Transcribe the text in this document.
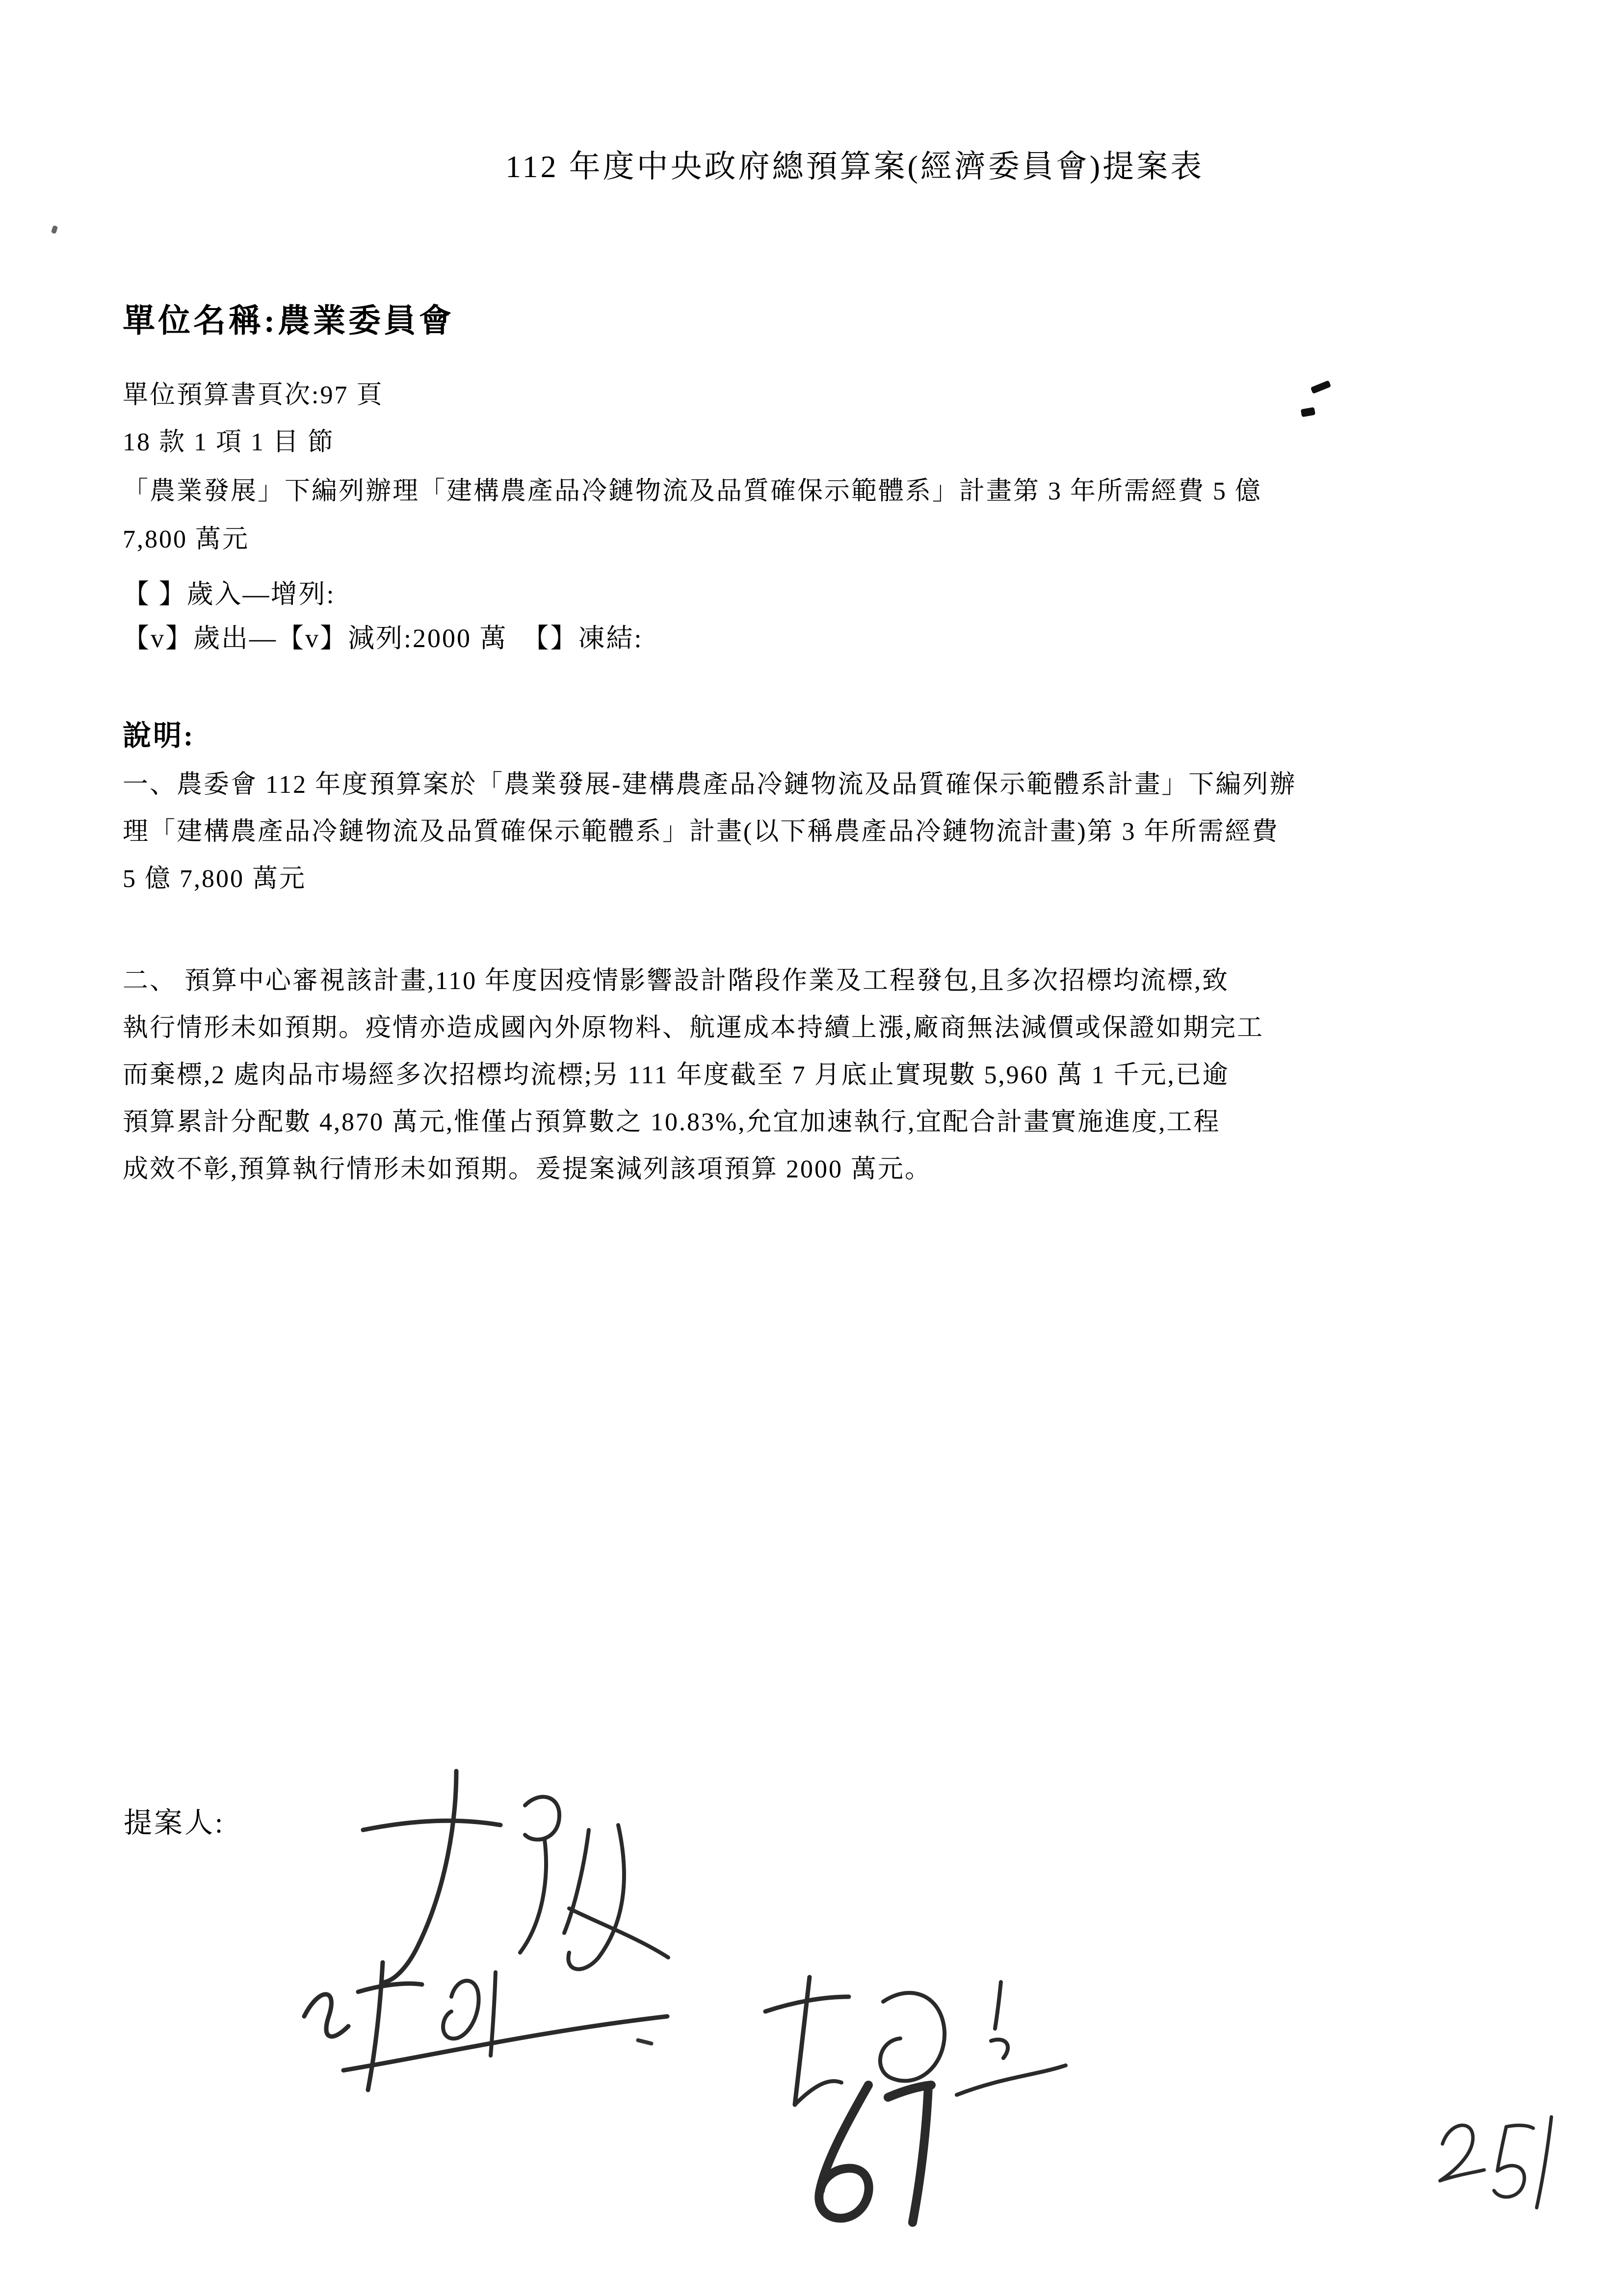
112 年度中央政府總預算案(經濟委員會)提案表
單位名稱:農業委員會
單位預算書頁次:97 頁
18 款 1 項 1 目 節
「農業發展」下編列辦理「建構農產品冷鏈物流及品質確保示範體系」計畫第 3 年所需經費 5 億
7,800 萬元
【 】歲入—增列:
【v】歲出—【v】減列:2000 萬　【】凍結:
說明:
一、農委會 112 年度預算案於「農業發展-建構農產品冷鏈物流及品質確保示範體系計畫」下編列辦
理「建構農產品冷鏈物流及品質確保示範體系」計畫(以下稱農產品冷鏈物流計畫)第 3 年所需經費
5 億 7,800 萬元
二、 預算中心審視該計畫,110 年度因疫情影響設計階段作業及工程發包,且多次招標均流標,致
執行情形未如預期。疫情亦造成國內外原物料、航運成本持續上漲,廠商無法減價或保證如期完工
而棄標,2 處肉品市場經多次招標均流標;另 111 年度截至 7 月底止實現數 5,960 萬 1 千元,已逾
預算累計分配數 4,870 萬元,惟僅占預算數之 10.83%,允宜加速執行,宜配合計畫實施進度,工程
成效不彰,預算執行情形未如預期。爰提案減列該項預算 2000 萬元。
提案人:
